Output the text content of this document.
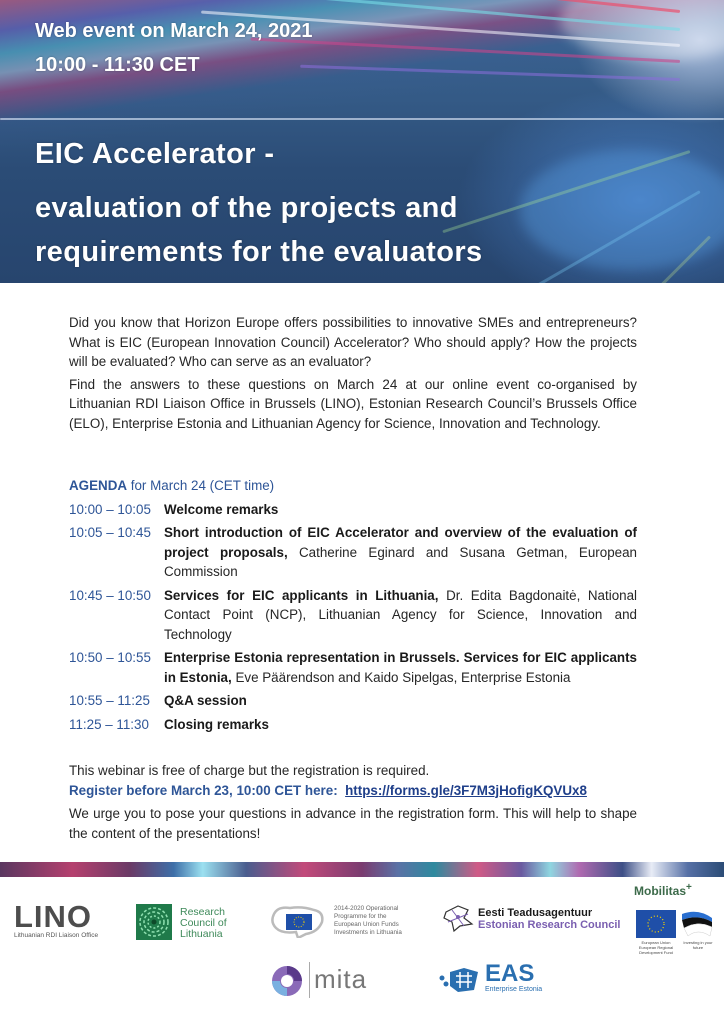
Web event on March 24, 2021
10:00 - 11:30 CET
EIC Accelerator -
evaluation of the projects and
requirements for the evaluators

Did you know that Horizon Europe offers possibilities to innovative SMEs and entrepreneurs? What is EIC (European Innovation Council) Accelerator? Who should apply? How the projects will be evaluated? Who can serve as an evaluator?

Find the answers to these questions on March 24 at our online event co-organised by Lithuanian RDI Liaison Office in Brussels (LINO), Estonian Research Council’s Brussels Office (ELO), Enterprise Estonia and Lithuanian Agency for Science, Innovation and Technology.

AGENDA for March 24 (CET time)
10:00 – 10:05 Welcome remarks
10:05 – 10:45 Short introduction of EIC Accelerator and overview of the evaluation of project proposals, Catherine Eginard and Susana Getman, European Commission
10:45 – 10:50 Services for EIC applicants in Lithuania, Dr. Edita Bagdonaitė, National Contact Point (NCP), Lithuanian Agency for Science, Innovation and Technology
10:50 – 10:55 Enterprise Estonia representation in Brussels. Services for EIC applicants in Estonia, Eve Päärendson and Kaido Sipelgas, Enterprise Estonia
10:55 – 11:25	Q&A session
11:25 – 11:30	Closing remarks
This webinar is free of charge but the registration is required.
Register before March 23, 10:00 CET here: https://forms.gle/3F7M3jHofigKQVUx8

We urge you to pose your questions in advance in the registration form. This will help to shape the content of the presentations!

LINO
Lithuanian RDI Liaison Office
Research
Council of
Lithuania
2014-2020 Operational
Programme for the
European Union Funds
Investments in Lithuania
Eesti Teadusagentuur
Estonian Research Council
Mobilitas+
European Union European Regional Development Fund
Investing in your future
mita	EAS
Enterprise Estonia
